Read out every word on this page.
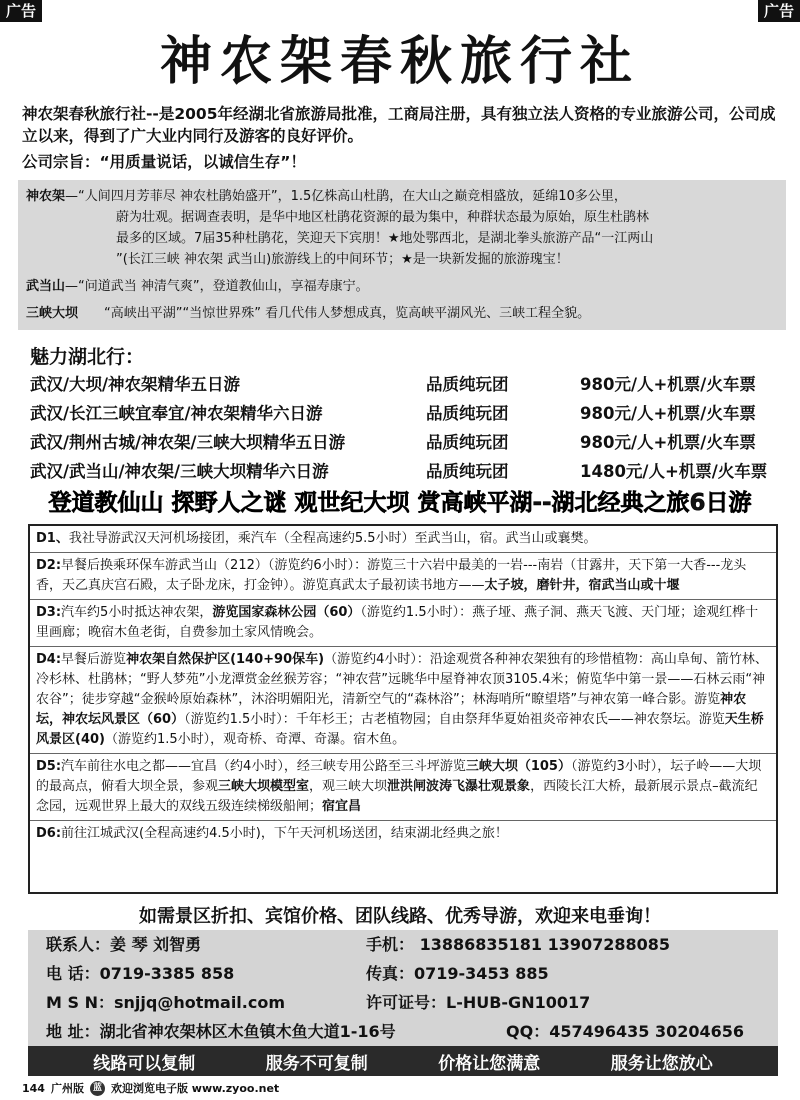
广告	广告
神农架春秋旅行社

神农架春秋旅行社--是2005年经湖北省旅游局批准，工商局注册，具有独立法人资格的专业旅游公司，公司成立以来，得到了广大业内同行及游客的良好评价。

公司宗旨：“用质量说话，以诚信生存”！

神农架 —“人间四月芳菲尽 神农杜鹃始盛开”，1.5亿株高山杜鹃，在大山之巅竞相盛放，延绵10多公里，
蔚为壮观。据调查表明，是华中地区杜鹃花资源的最为集中，种群状态最为原始，原生杜鹃林
最多的区域。7届35种杜鹃花，笑迎天下宾朋！★地处鄂西北，是湖北拳头旅游产品“一江两山
”(长江三峡 神农架 武当山)旅游线上的中间环节；★是一块新发掘的旅游瑰宝！
武当山 —“问道武当 神清气爽”，登道教仙山，享福寿康宁。
三峡大坝 “高峡出平湖”“当惊世界殊” 看几代伟人梦想成真，览高峡平湖风光、三峡工程全貌。
魅力湖北行：
武汉/大坝/神农架精华五日游	品质纯玩团	980元/人+机票/火车票
武汉/长江三峡宜奉宜/神农架精华六日游	品质纯玩团	980元/人+机票/火车票
武汉/荆州古城/神农架/三峡大坝精华五日游	品质纯玩团	980元/人+机票/火车票
武汉/武当山/神农架/三峡大坝精华六日游	品质纯玩团	1480元/人+机票/火车票
登道教仙山 探野人之谜 观世纪大坝 赏高峡平湖--湖北经典之旅6日游
D1、我社导游武汉天河机场接团，乘汽车（全程高速约5.5小时）至武当山，宿。武当山或襄樊。
D2:早餐后换乘环保车游武当山（212）（游览约6小时）：游览三十六岩中最美的一岩---南岩（甘露井，天下第一大香---龙头香，天乙真庆宫石殿，太子卧龙床，打金钟）。游览真武太子最初读书地方——太子坡，磨针井，宿武当山或十堰
D3:汽车约5小时抵达神农架，游览国家森林公园（60）（游览约1.5小时）：燕子垭、燕子洞、燕天飞渡、天门垭；途观红桦十里画廊；晚宿木鱼老街，自费参加土家风情晚会。
D4:早餐后游览神农架自然保护区(140+90保车)（游览约4小时）：沿途观赏各种神农架独有的珍惜植物：高山阜甸、箭竹林、冷杉林、杜鹃林；“野人梦苑”小龙潭赏金丝猴芳容；“神农营”远眺华中屋脊神农顶3105.4米；俯览华中第一景——石林云雨“神农谷”；徒步穿越“金猴岭原始森林”，沐浴明媚阳光，清新空气的“森林浴”；林海哨所“瞭望塔”与神农第一峰合影。游览神农坛，神农坛风景区（60）（游览约1.5小时）：千年杉王；古老植物园；自由祭拜华夏始祖炎帝神农氏——神农祭坛。游览天生桥风景区(40)（游览约1.5小时），观奇桥、奇潭、奇瀑。宿木鱼。
D5:汽车前往水电之都——宜昌（约4小时），经三峡专用公路至三斗坪游览三峡大坝（105）（游览约3小时），坛子岭——大坝的最高点，俯看大坝全景，参观三峡大坝模型室，观三峡大坝泄洪闸波涛飞瀑壮观景象，西陵长江大桥，最新展示景点–截流纪念园，远观世界上最大的双线五级连续梯级船闸；宿宜昌
D6:前往江城武汉(全程高速约4.5小时)，下午天河机场送团，结束湖北经典之旅！
如需景区折扣、宾馆价格、团队线路、优秀导游，欢迎来电垂询！
联系人：姜 琴 刘智勇	手机： 13886835181 13907288085
电 话：0719-3385 858	传真：0719-3453 885
M S N：snjjq@hotmail.com	许可证号：L-HUB-GN10017
地 址：湖北省神农架林区木鱼镇木鱼大道1-16号	QQ：457496435 30204656
线路可以复制	服务不可复制	价格让您满意	服务让您放心
144 广州版 蓝 欢迎浏览电子版 www.zyoo.net
